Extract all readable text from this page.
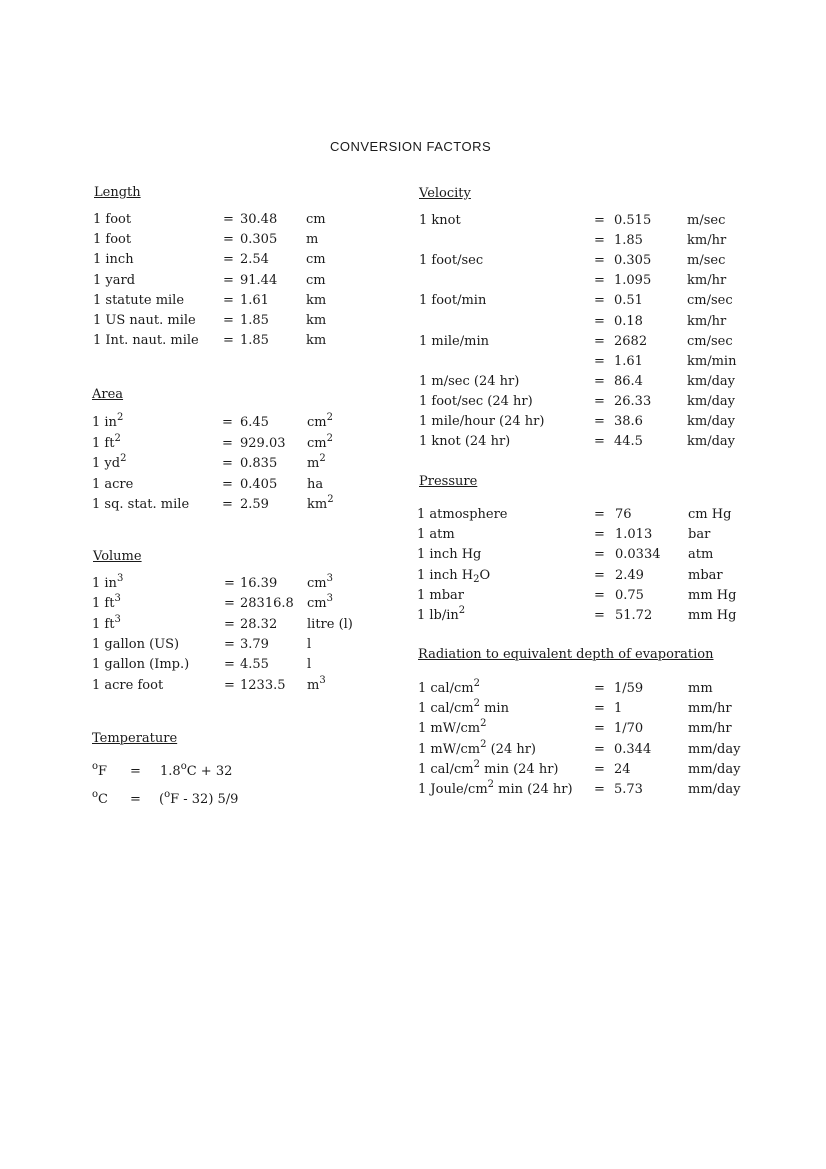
CONVERSION FACTORS
Length
1 foot	= 30.48 cm
1 foot	= 0.305 m
1 inch	= 2.54	cm
1 yard	= 91.44 cm
1 statute mile	= 1.61	km
1 US naut. mile = 1.85	km
1 Int. naut. mile = 1.85	km
Area
1 $in^2$	= 6.45	$cm^2$
1 $ft^2$	= 929.03 $cm^2$
1 $yd^2$	= 0.835 $m^2$
1 acre	= 0.405 ha
1 sq. stat. mile	= 2.59	$km^2$
Volume
1 $in^3$	= 16.39 $cm^3$
1 $ft^3$	= 28316.8 $cm^3$
1 $ft^3$	= 28.32 litre (l)
1 gallon (US)	= 3.79	l
1 gallon (Imp.)	= 4.55	l
1 acre foot	= 1233.5 $m^3$
Temperature
$^oF = 1.8^oC + 32$
$^o$C = ($^o$F - 32) 5/9
Velocity
1 knot	= 0.515	m/sec
= 1.85	km/hr
1 foot/sec	= 0.305	m/sec
= 1.095	km/hr
1 foot/min	= 0.51	cm/sec
= 0.18	km/hr
1 mile/min	= 2682	cm/sec
= 1.61	km/min
1 m/sec (24 hr)	= 86.4	km/day
1 foot/sec (24 hr)	= 26.33	km/day
1 mile/hour (24 hr)	= 38.6	km/day
1 knot (24 hr)	= 44.5	km/day
Pressure
1 atmosphere	= 76	cm Hg
1 atm	= 1.013	bar
1 inch Hg	= 0.0334 atm
1 inch $H_2O$	= 2.49	mbar
1 mbar	= 0.75	mm Hg
1 $lb/in^2$	= 51.72	mm Hg
Radiation to equivalent depth of evaporation
1 cal/$cm^2$	= 1/59	mm
1 cal/$cm^2$ min	= 1	mm/hr
1 $mW/cm^2$	= 1/70	mm/hr
1 $mW/cm^2$ (24 hr)	= 0.344	mm/day
1 cal/$cm^2$ min (24 hr)	= 24	mm/day
1 Joule/$cm^2$ min (24 hr) = 5.73	mm/day
